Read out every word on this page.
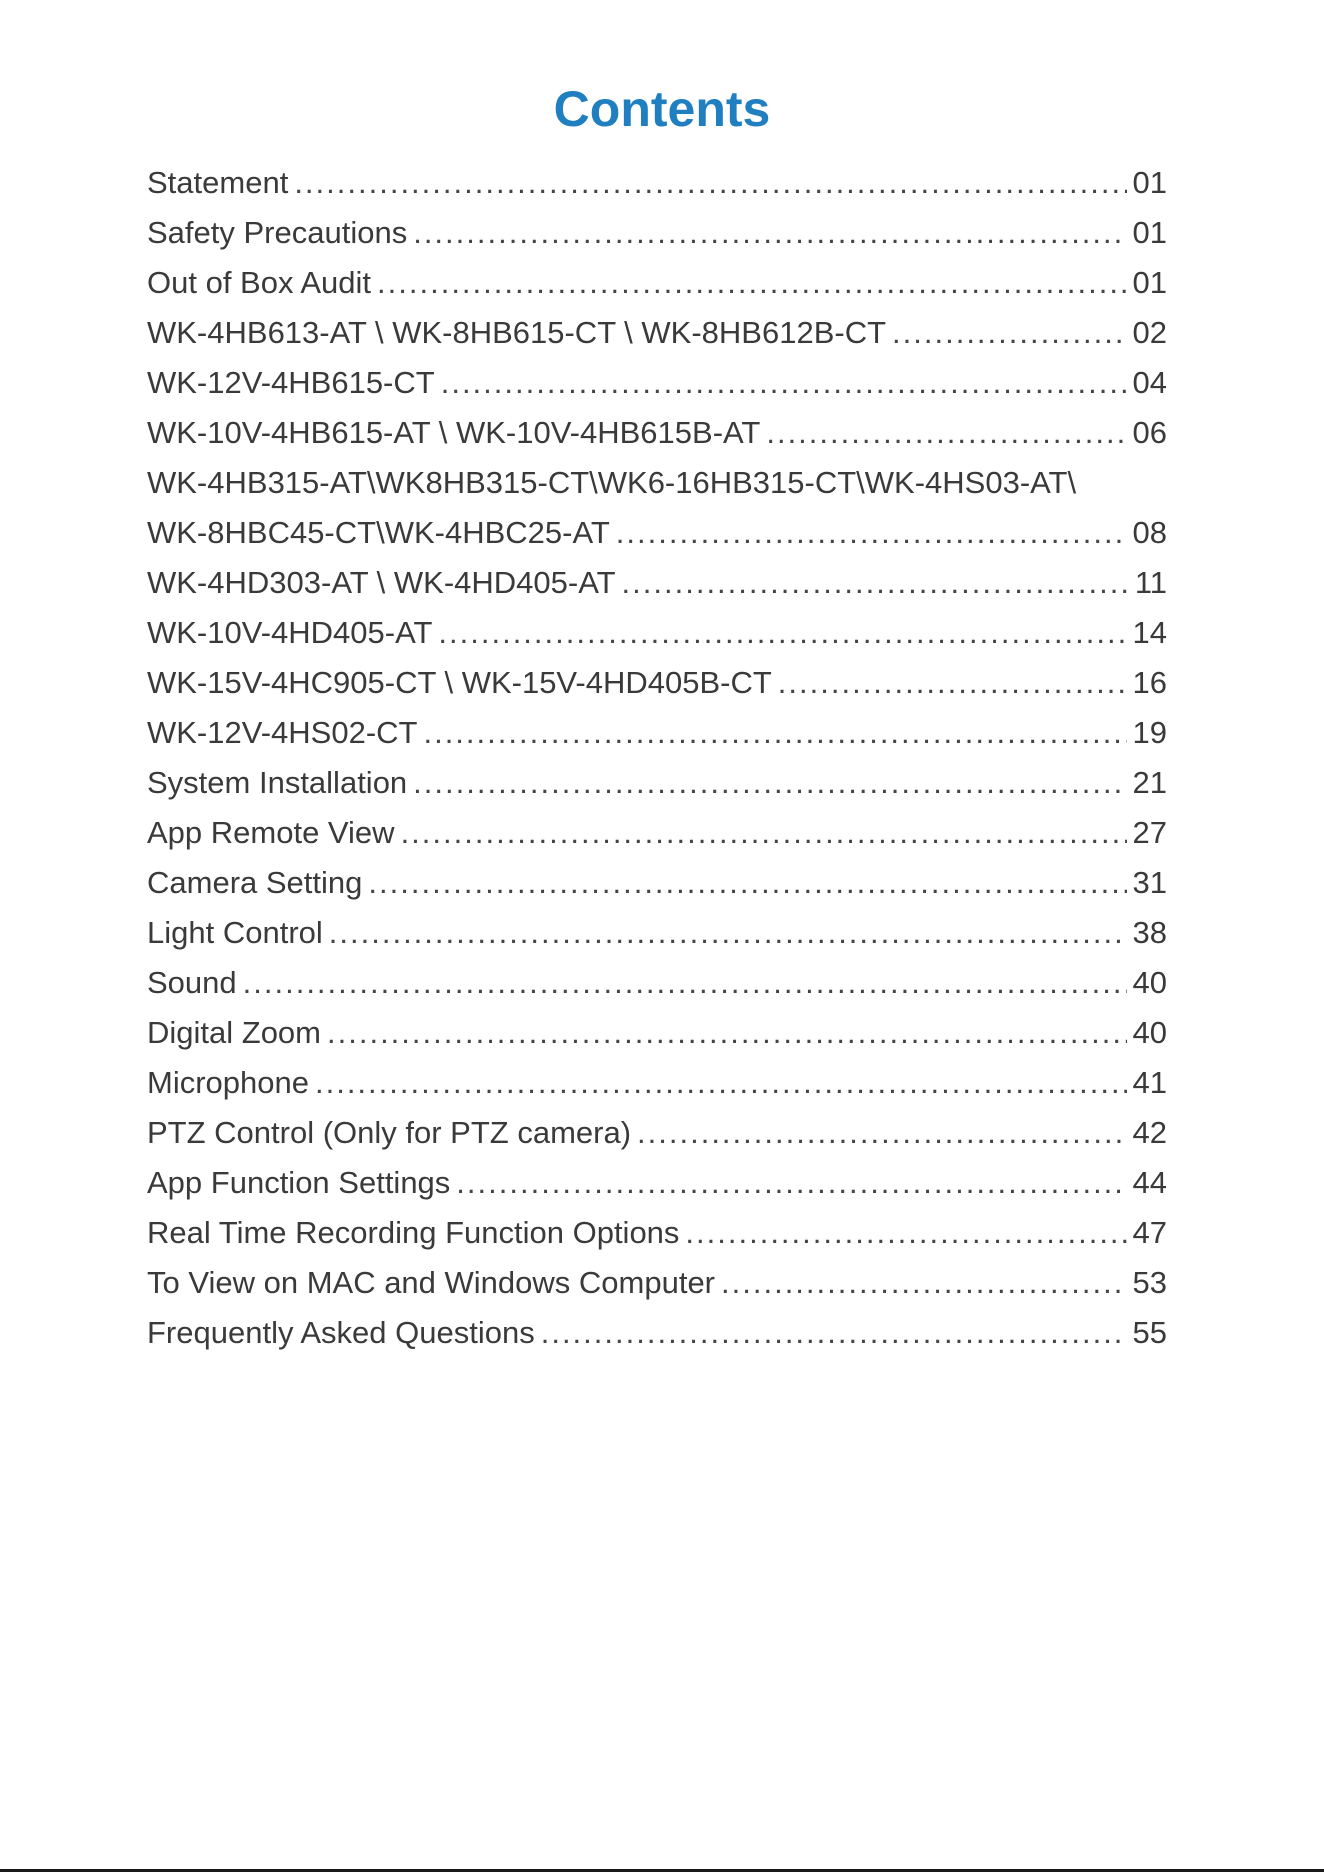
Contents
Statement .....	01
Safety Precautions .....	01
Out of Box Audit .....	01
WK-4HB613-AT \ WK-8HB615-CT \ WK-8HB612B-CT .....	02
WK-12V-4HB615-CT .....	04
WK-10V-4HB615-AT \ WK-10V-4HB615B-AT .....	06
WK-4HB315-AT\WK8HB315-CT\WK6-16HB315-CT\WK-4HS03-AT\
WK-8HBC45-CT\WK-4HBC25-AT .....	08
WK-4HD303-AT \ WK-4HD405-AT .....	11
WK-10V-4HD405-AT .....	14
WK-15V-4HC905-CT \ WK-15V-4HD405B-CT .....	16
WK-12V-4HS02-CT .....	19
System Installation .....	21
App Remote View .....	27
Camera Setting .....	31
Light Control .....	38
Sound .....	40
Digital Zoom .....	40
Microphone .....	41
PTZ Control (Only for PTZ camera) .....	42
App Function Settings .....	44
Real Time Recording Function Options .....	47
To View on MAC and Windows Computer .....	53
Frequently Asked Questions .....	55
